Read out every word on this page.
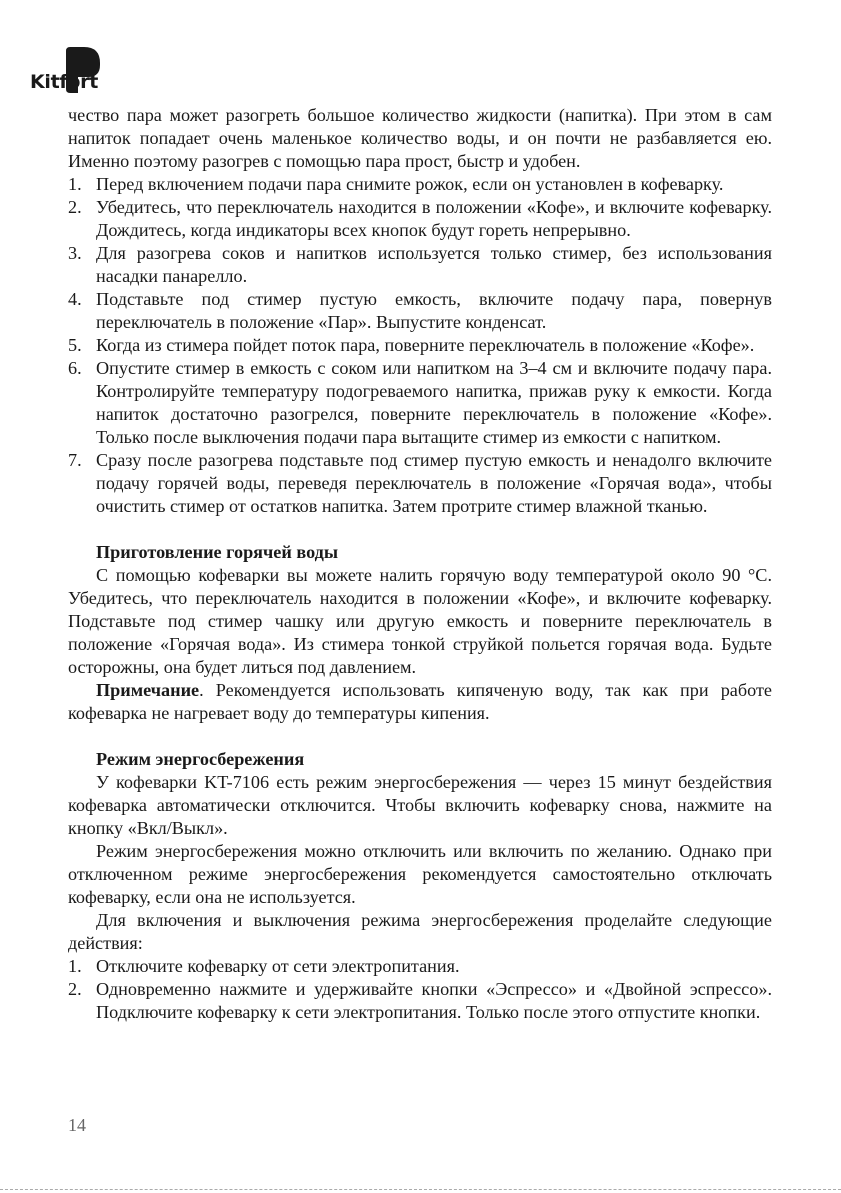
Kitfort

чество пара может разогреть большое количество жидкости (напитка). При этом в сам напиток попадает очень маленькое количество воды, и он почти не разбавляется ею. Именно поэтому разогрев с помощью пара прост, быстр и удобен.

1. Перед включением подачи пара снимите рожок, если он установлен в кофеварку.
2. Убедитесь, что переключатель находится в положении «Кофе», и включите кофеварку. Дождитесь, когда индикаторы всех кнопок будут гореть непрерывно.
3. Для разогрева соков и напитков используется только стимер, без использования насадки панарелло.
4. Подставьте под стимер пустую емкость, включите подачу пара, повернув переключатель в положение «Пар». Выпустите конденсат.
5. Когда из стимера пойдет поток пара, поверните переключатель в положение «Кофе».
6. Опустите стимер в емкость с соком или напитком на 3–4 см и включите подачу пара. Контролируйте температуру подогреваемого напитка, прижав руку к емкости. Когда напиток достаточно разогрелся, поверните переключатель в положение «Кофе». Только после выключения подачи пара вытащите стимер из емкости с напитком.
7. Сразу после разогрева подставьте под стимер пустую емкость и ненадолго включите подачу горячей воды, переведя переключатель в положение «Горячая вода», чтобы очистить стимер от остатков напитка. Затем протрите стимер влажной тканью.

Приготовление горячей воды

С помощью кофеварки вы можете налить горячую воду температурой около 90 °C. Убедитесь, что переключатель находится в положении «Кофе», и включите кофеварку. Подставьте под стимер чашку или другую емкость и поверните переключатель в положение «Горячая вода». Из стимера тонкой струйкой польется горячая вода. Будьте осторожны, она будет литься под давлением.

Примечание. Рекомендуется использовать кипяченую воду, так как при работе кофеварка не нагревает воду до температуры кипения.

Режим энергосбережения

У кофеварки KT-7106 есть режим энергосбережения — через 15 минут бездействия кофеварка автоматически отключится. Чтобы включить кофеварку снова, нажмите на кнопку «Вкл/Выкл».

Режим энергосбережения можно отключить или включить по желанию. Однако при отключенном режиме энергосбережения рекомендуется самостоятельно отключать кофеварку, если она не используется.

Для включения и выключения режима энергосбережения проделайте следующие действия:

1. Отключите кофеварку от сети электропитания.
2. Одновременно нажмите и удерживайте кнопки «Эспрессо» и «Двойной эспрессо». Подключите кофеварку к сети электропитания. Только после этого отпустите кнопки.
14
